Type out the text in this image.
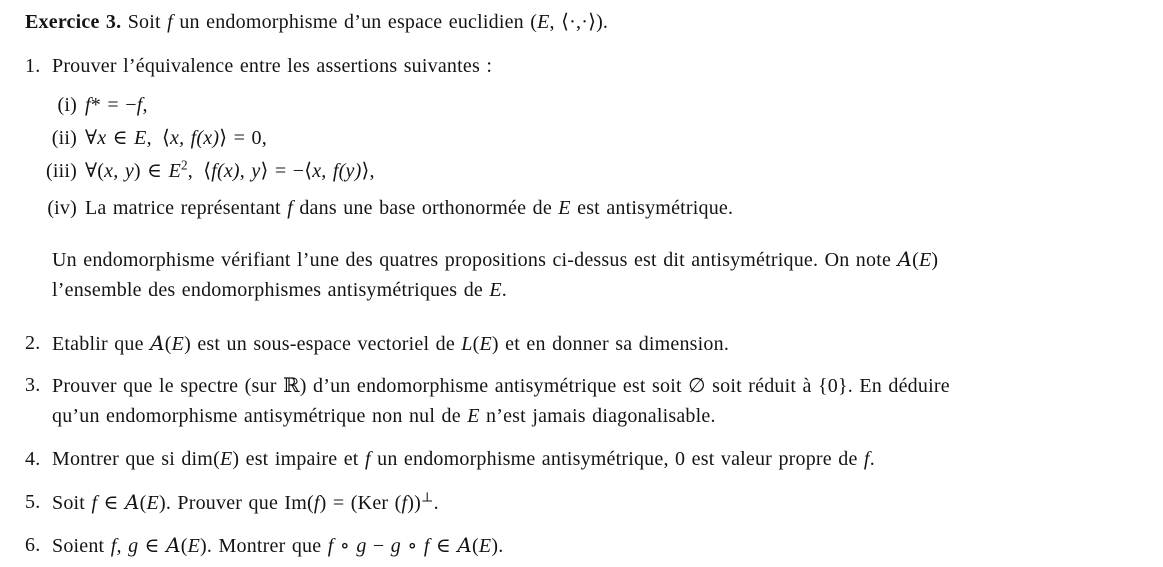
Exercice 3. Soit f un endomorphisme d’un espace euclidien (E, ⟨·,·⟩).

1. Prouver l’équivalence entre les assertions suivantes :
(i) f* = −f,
(ii) ∀x ∈ E, ⟨x, f(x)⟩ = 0,
(iii) ∀(x, y) ∈ $E^2$, ⟨f(x), y⟩ = −⟨x, f(y)⟩,
(iv) La matrice représentant f dans une base orthonormée de E est antisymétrique.

Un endomorphisme vérifiant l’une des quatres propositions ci-dessus est dit antisymétrique. On note A(E)
l’ensemble des endomorphismes antisymétriques de E.

2. Etablir que A(E) est un sous-espace vectoriel de L(E) et en donner sa dimension.
3. Prouver que le spectre (sur ℝ) d’un endomorphisme antisymétrique est soit ∅ soit réduit à {0}. En déduire
qu’un endomorphisme antisymétrique non nul de E n’est jamais diagonalisable.
4. Montrer que si dim(E) est impaire et f un endomorphisme antisymétrique, 0 est valeur propre de f.
5. Soit f ∈ A(E). Prouver que Im(f) = (Ker (f))⊥.
6. Soient f, g ∈ A(E). Montrer que f ∘ g − g ∘ f ∈ A(E).
